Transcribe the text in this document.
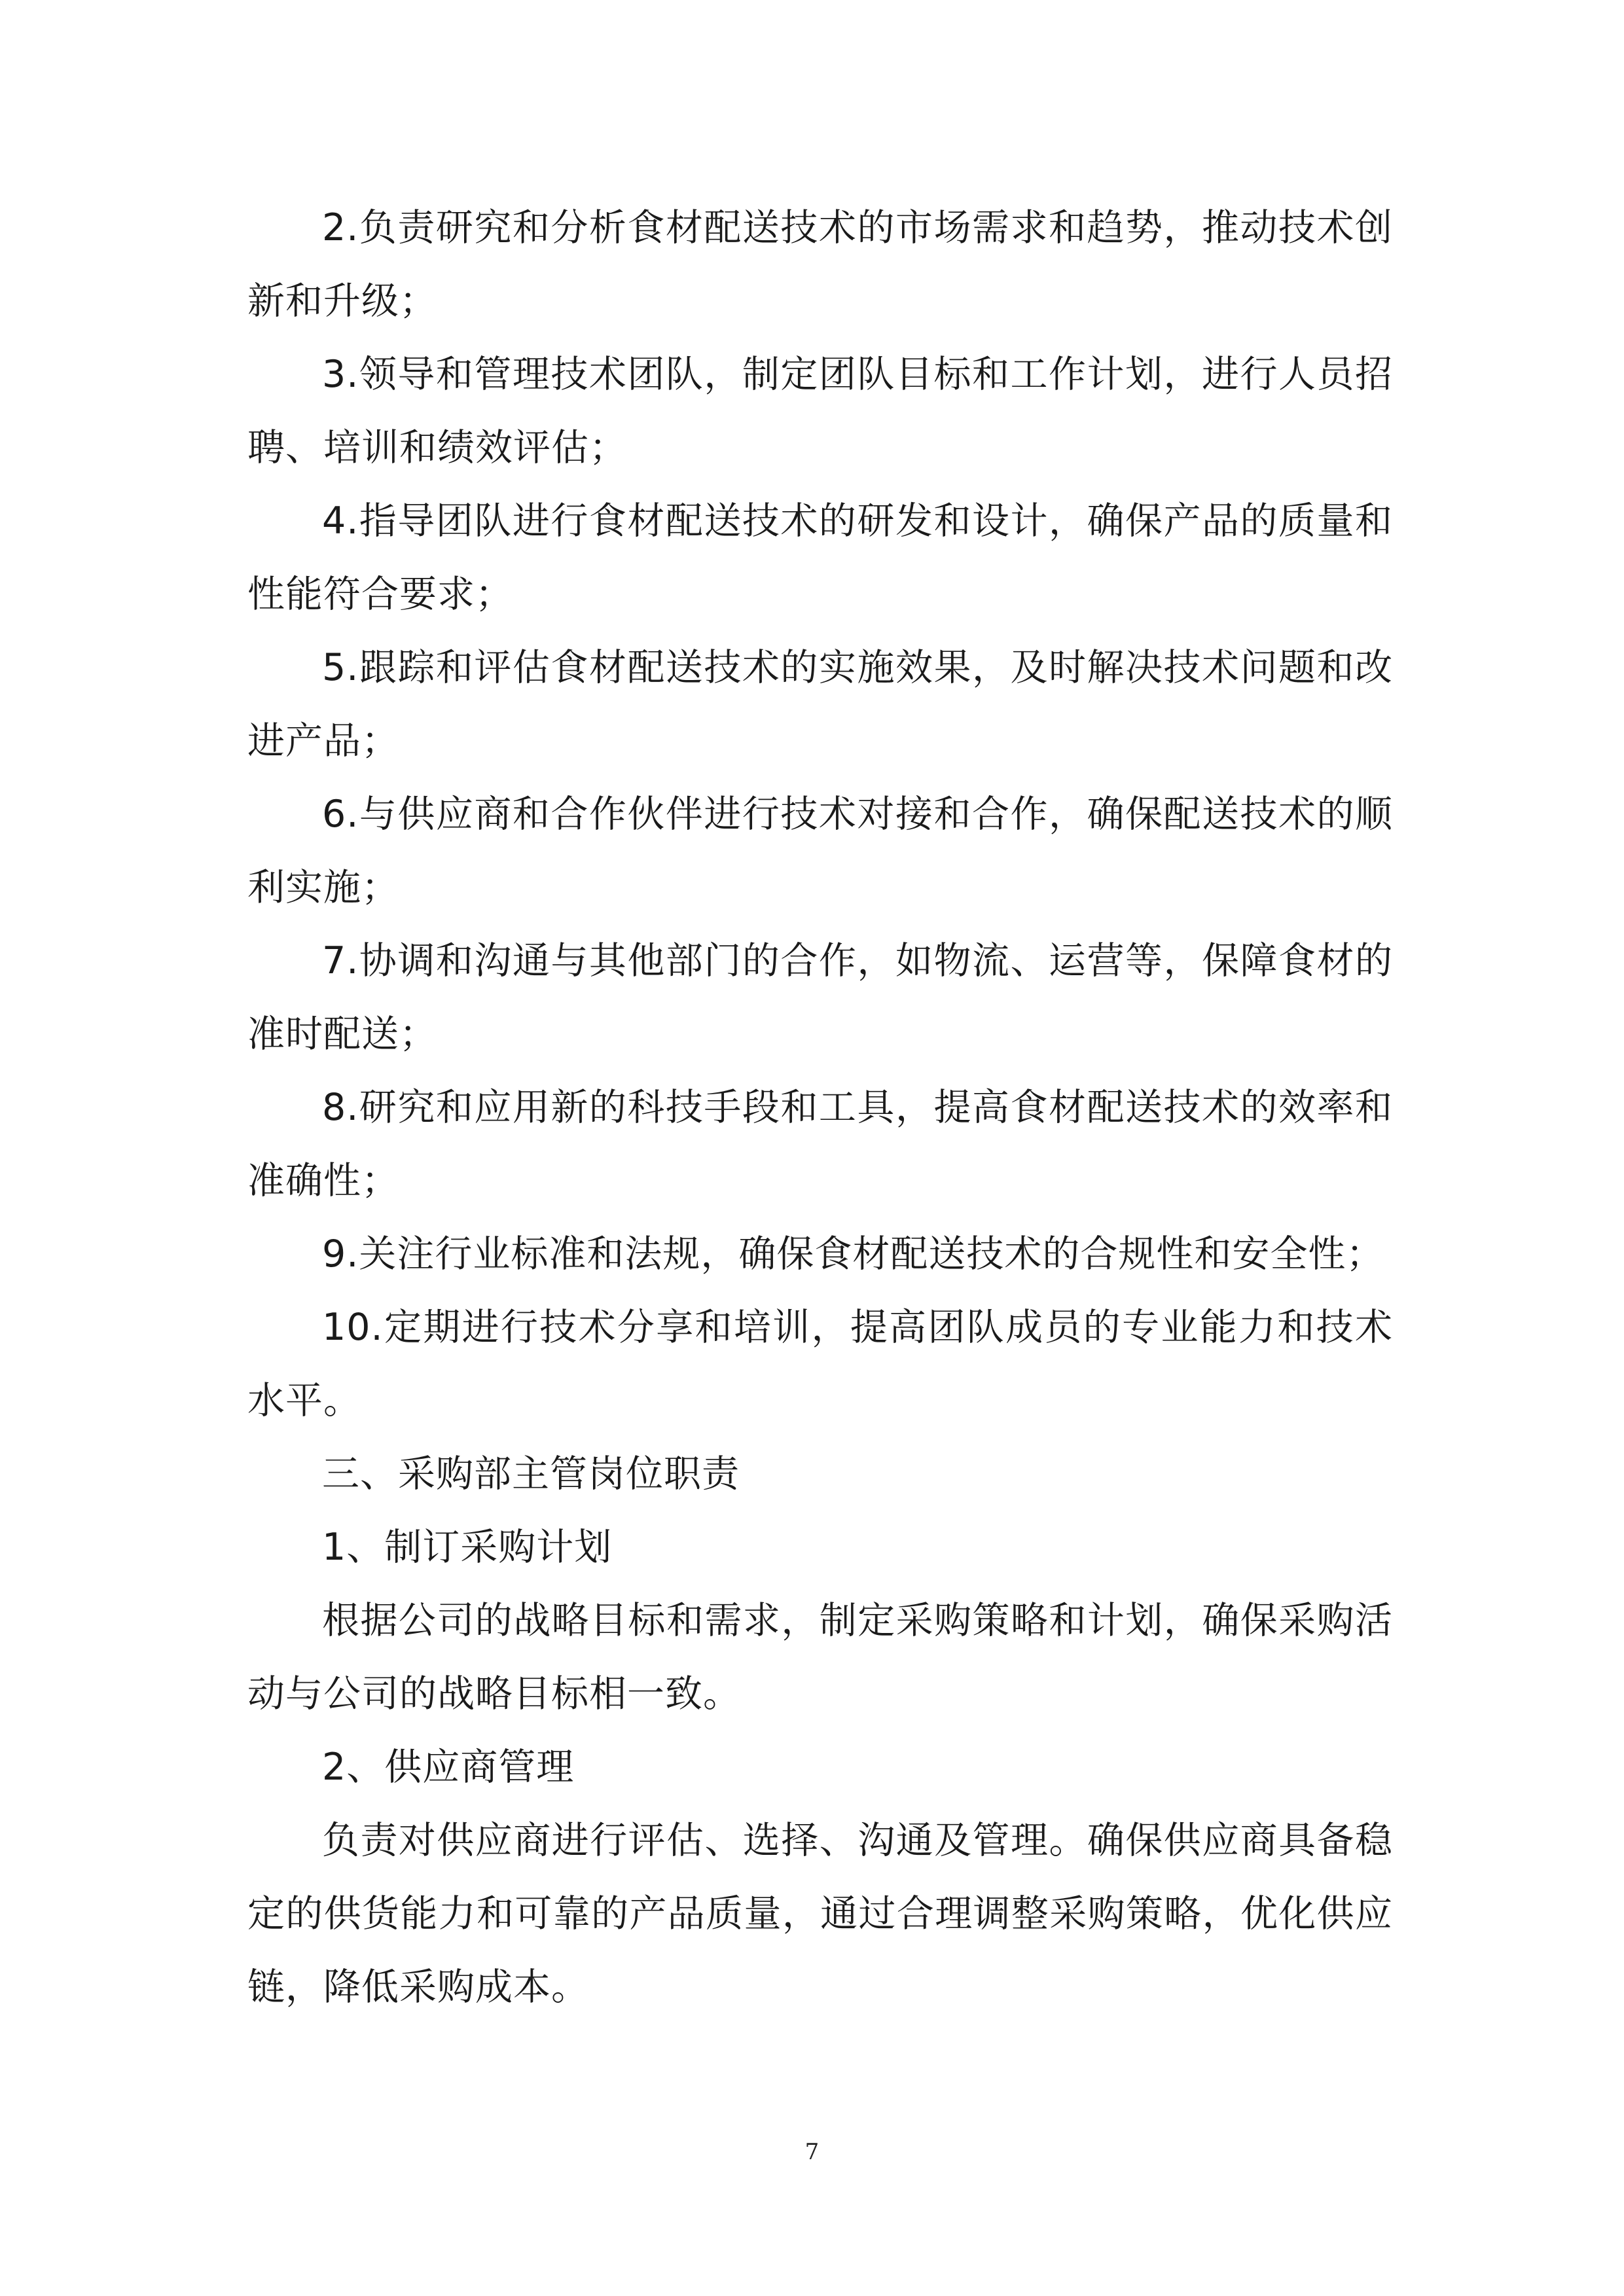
2.负责研究和分析食材配送技术的市场需求和趋势，推动技术创新和升级；

3.领导和管理技术团队，制定团队目标和工作计划，进行人员招聘、培训和绩效评估；

4.指导团队进行食材配送技术的研发和设计，确保产品的质量和性能符合要求；

5.跟踪和评估食材配送技术的实施效果，及时解决技术问题和改进产品；

6.与供应商和合作伙伴进行技术对接和合作，确保配送技术的顺利实施；

7.协调和沟通与其他部门的合作，如物流、运营等，保障食材的准时配送；

8.研究和应用新的科技手段和工具，提高食材配送技术的效率和准确性；

9.关注行业标准和法规，确保食材配送技术的合规性和安全性；

10.定期进行技术分享和培训，提高团队成员的专业能力和技术水平。

三、采购部主管岗位职责

1、制订采购计划

根据公司的战略目标和需求，制定采购策略和计划，确保采购活动与公司的战略目标相一致。

2、供应商管理

负责对供应商进行评估、选择、沟通及管理。确保供应商具备稳定的供货能力和可靠的产品质量，通过合理调整采购策略，优化供应链，降低采购成本。

7
